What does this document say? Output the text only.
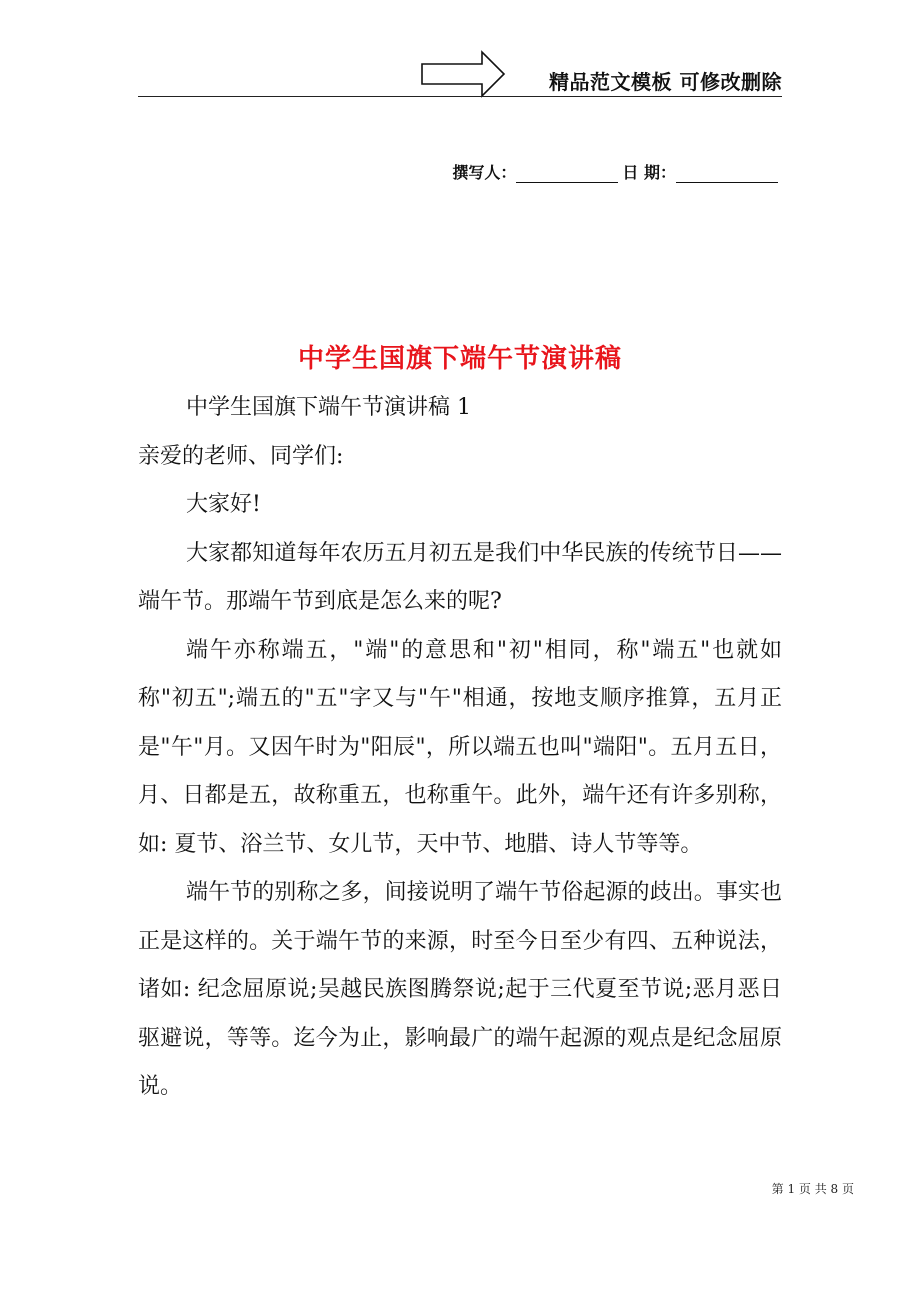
精品范文模板 可修改删除
撰写人：	日 期：
中学生国旗下端午节演讲稿

中学生国旗下端午节演讲稿 1

亲爱的老师、同学们:

大家好!

大家都知道每年农历五月初五是我们中华民族的传统节日——端午节。那端午节到底是怎么来的呢?

端午亦称端五，"端"的意思和"初"相同，称"端五"也就如称"初五";端五的"五"字又与"午"相通，按地支顺序推算，五月正是"午"月。又因午时为"阳辰"，所以端五也叫"端阳"。五月五日，月、日都是五，故称重五，也称重午。此外，端午还有许多别称，如: 夏节、浴兰节、女儿节，天中节、地腊、诗人节等等。

端午节的别称之多，间接说明了端午节俗起源的歧出。事实也正是这样的。关于端午节的来源，时至今日至少有四、五种说法，诸如: 纪念屈原说;吴越民族图腾祭说;起于三代夏至节说;恶月恶日驱避说，等等。迄今为止，影响最广的端午起源的观点是纪念屈原说。

第 1 页 共 8 页
